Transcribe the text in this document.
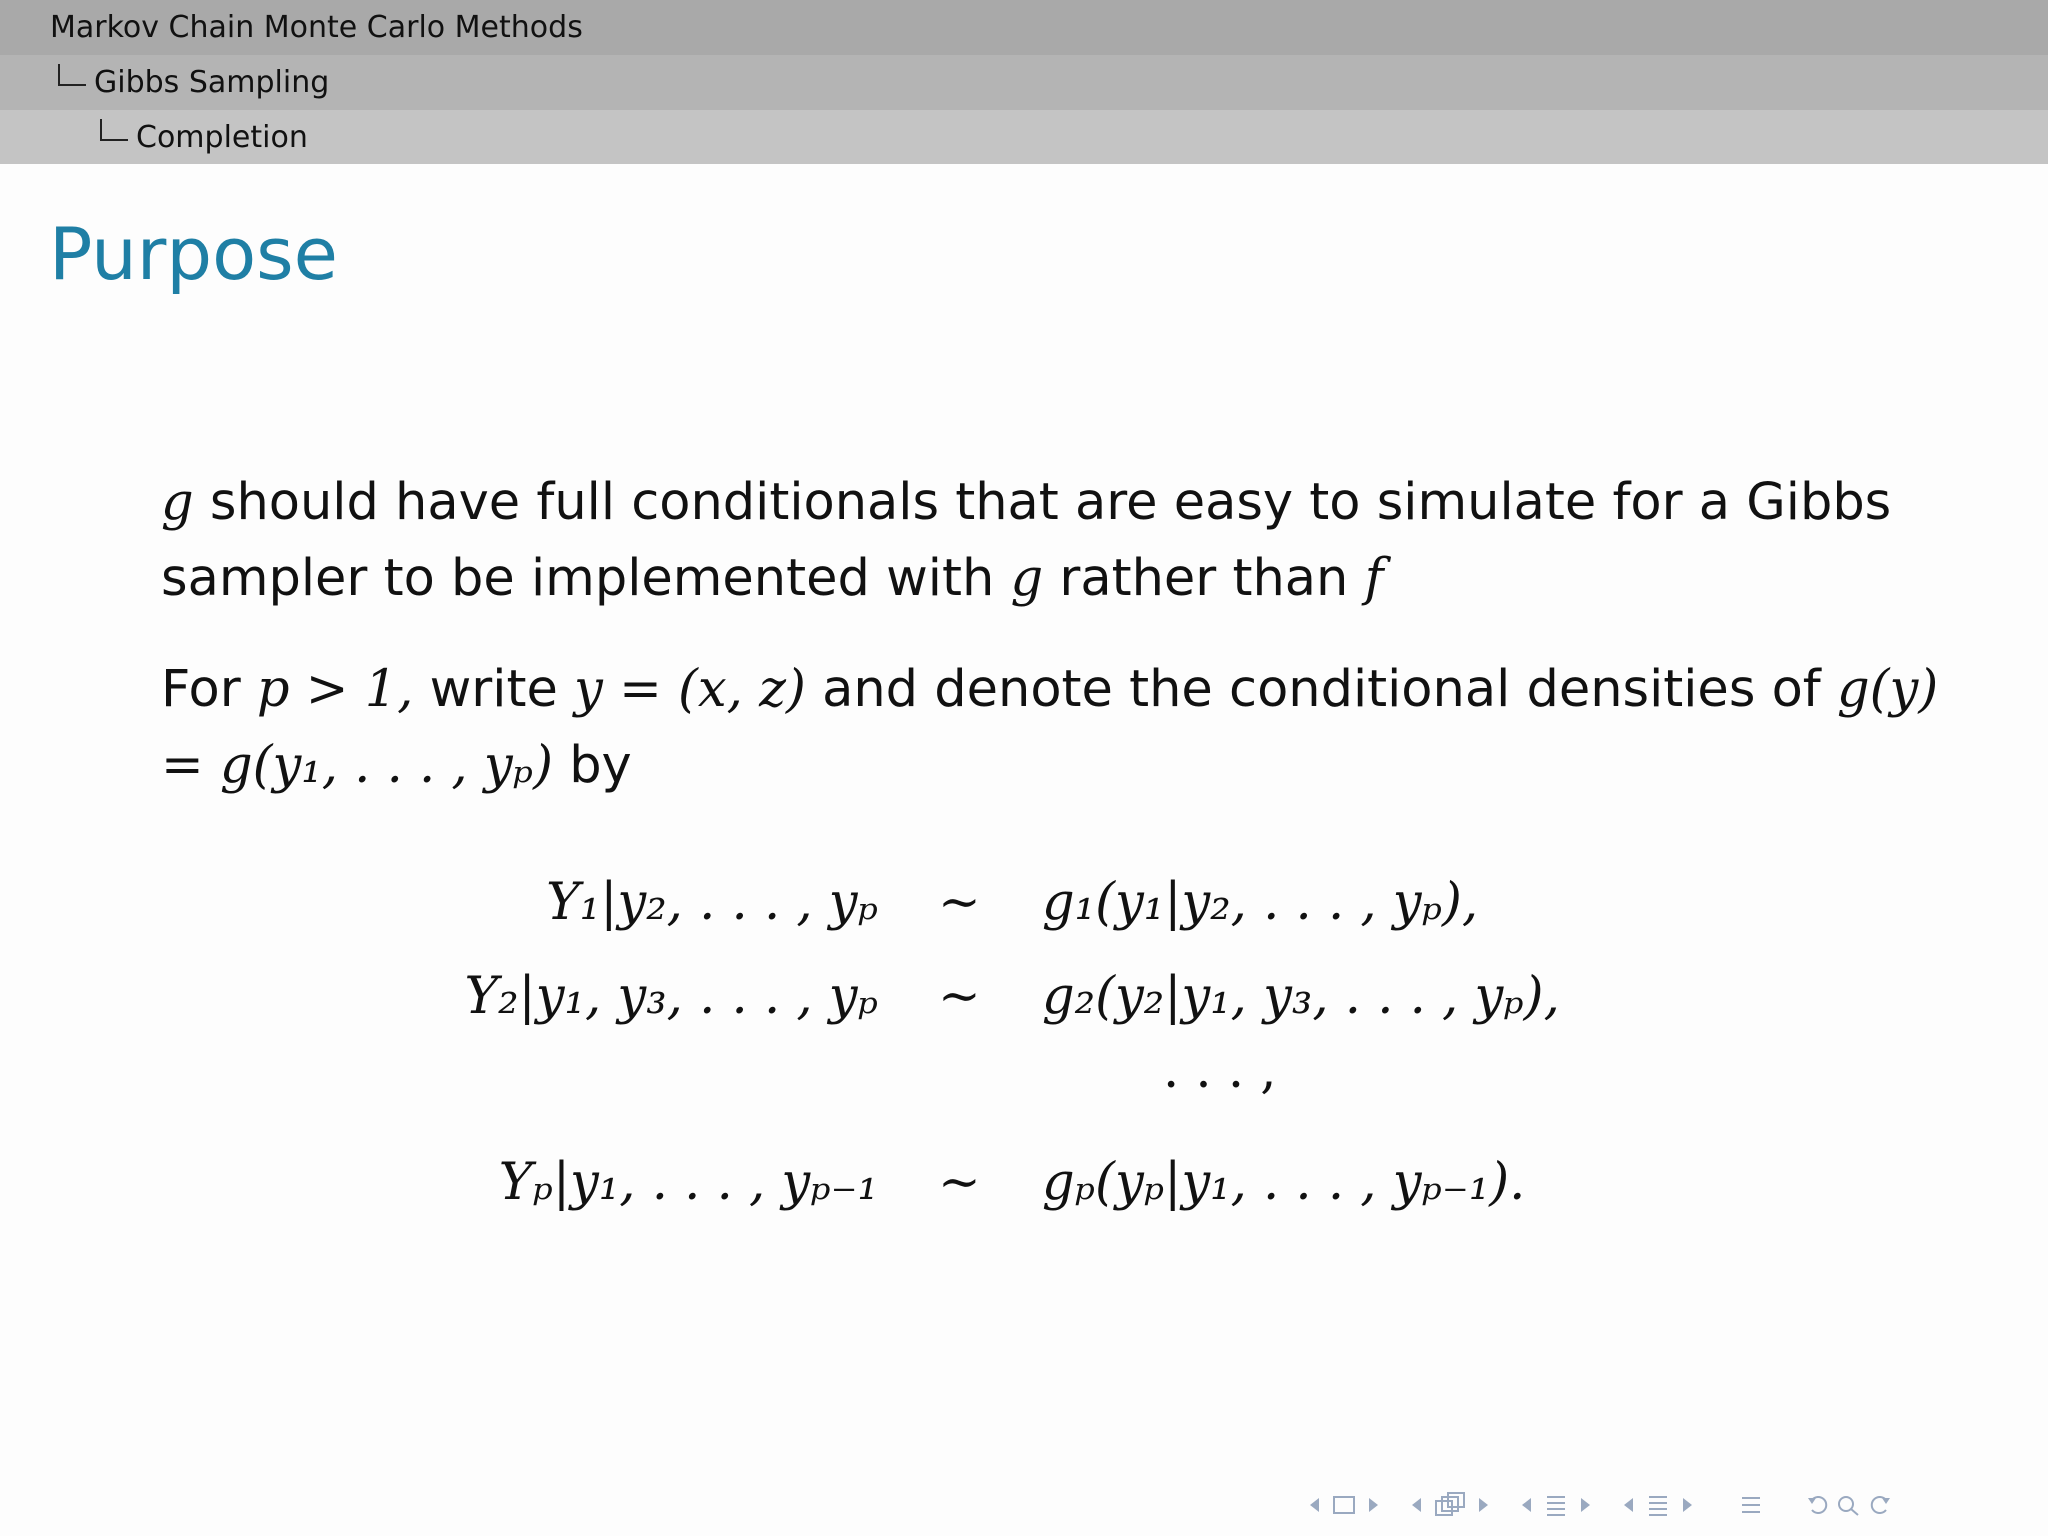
Markov Chain Monte Carlo Methods
Gibbs Sampling
Completion
Purpose

g should have full conditionals that are easy to simulate for a Gibbs sampler to be implemented with g rather than f

For p > 1, write y = (x, z) and denote the conditional densities of g(y) = g(y₁, . . . , yₚ) by

Y₁|y₂, . . . , yₚ ∼ g₁(y₁|y₂, . . . , yₚ),
Y₂|y₁, y₃, . . . , yₚ ∼ g₂(y₂|y₁, y₃, . . . , yₚ),
. . . ,
Yₚ|y₁, . . . , yₚ₋₁ ∼ gₚ(yₚ|y₁, . . . , yₚ₋₁).
